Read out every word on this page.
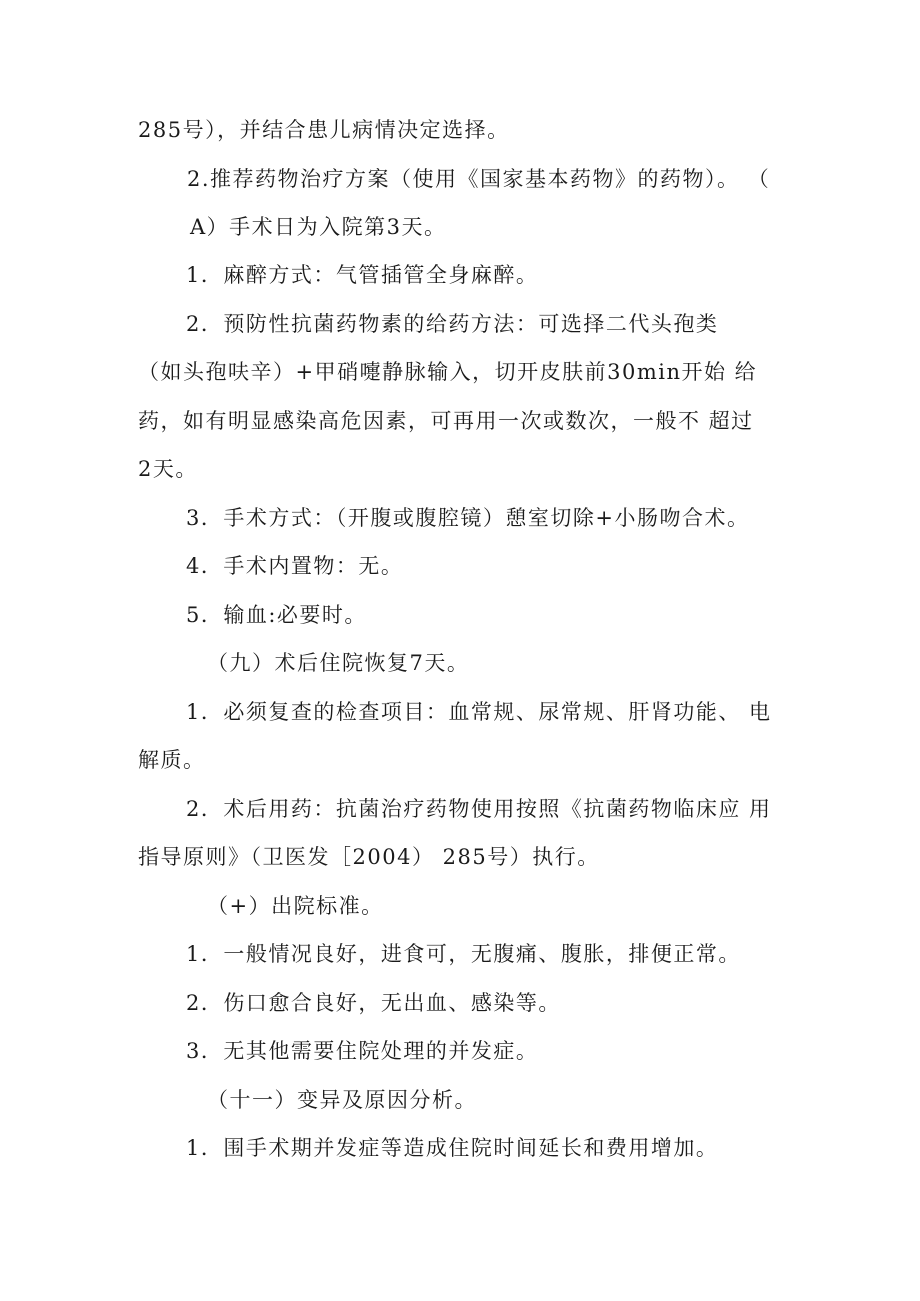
285号），并结合患儿病情决定选择。
2.推荐药物治疗方案（使用《国家基本药物》的药物）。 （
A）手术日为入院第3天。
1．麻醉方式：气管插管全身麻醉。
2．预防性抗菌药物素的给药方法：可选择二代头孢类
（如头孢呋辛）+甲硝嚏静脉输入，切开皮肤前30min开始 给
药，如有明显感染高危因素，可再用一次或数次，一般不 超过
2天。
3．手术方式：（开腹或腹腔镜）憩室切除+小肠吻合术。
4．手术内置物：无。
5．输血:必要时。
（九）术后住院恢复7天。
1．必须复查的检查项目：血常规、尿常规、肝肾功能、 电
解质。
2．术后用药：抗菌治疗药物使用按照《抗菌药物临床应 用
指导原则》（卫医发［2004） 285号）执行。
（+）出院标准。
1．一般情况良好，进食可，无腹痛、腹胀，排便正常。
2．伤口愈合良好，无出血、感染等。
3．无其他需要住院处理的并发症。
（十一）变异及原因分析。
1．围手术期并发症等造成住院时间延长和费用增加。
